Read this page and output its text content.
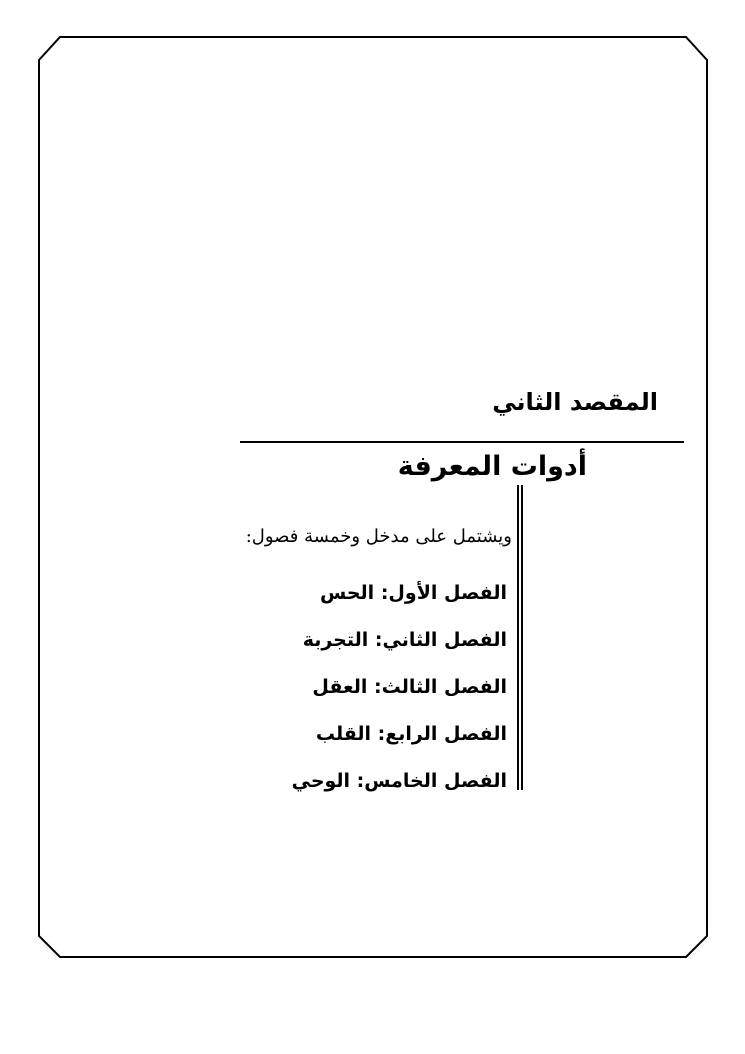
المقصد الثاني
أدوات المعرفة
ويشتمل على مدخل وخمسة فصول:
الفصل الأول: الحس
الفصل الثاني: التجربة
الفصل الثالث: العقل
الفصل الرابع: القلب
الفصل الخامس: الوحي
